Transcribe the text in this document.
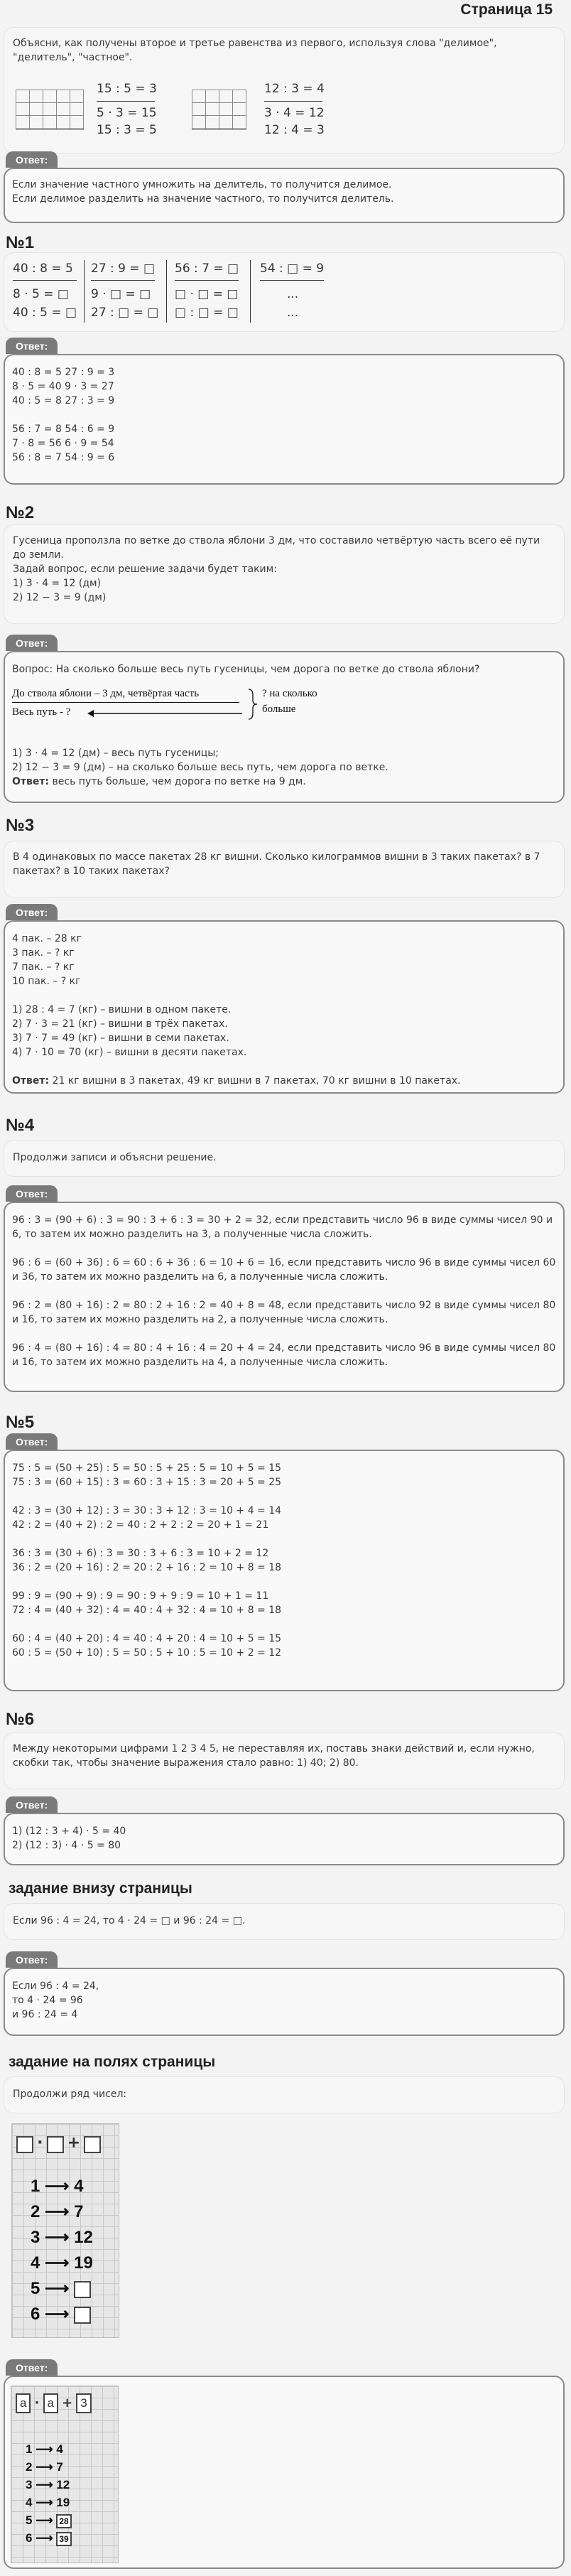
Страница 15
Объясни, как получены второе и третье равенства из первого, используя слова "делимое", "делитель", "частное".
15 : 5 = 3
5 · 3 = 15
15 : 3 = 5
12 : 3 = 4
3 · 4 = 12
12 : 4 = 3
Ответ:
Если значение частного умножить на делитель, то получится делимое.
Если делимое разделить на значение частного, то получится делитель.
№1
40 : 8 = 5
8 · 5 = □
40 : 5 = □
27 : 9 = □
9 · □ = □
27 : □ = □
56 : 7 = □
□ · □ = □
□ : □ = □
54 : □ = 9
...
...
Ответ:
40 : 8 = 5 27 : 9 = 3
8 · 5 = 40 9 · 3 = 27
40 : 5 = 8 27 : 3 = 9

56 : 7 = 8 54 : 6 = 9
7 · 8 = 56 6 · 9 = 54
56 : 8 = 7 54 : 9 = 6
№2
Гусеница проползла по ветке до ствола яблони 3 дм, что составило четвёртую часть всего её пути до земли.
Задай вопрос, если решение задачи будет таким:
1) 3 · 4 = 12 (дм)
2) 12 − 3 = 9 (дм)
Ответ:
Вопрос: На сколько больше весь путь гусеницы, чем дорога по ветке до ствола яблони?
До ствола яблони – 3 дм, четвёртая часть
Весь путь - ?
? на сколько
больше
1) 3 · 4 = 12 (дм) – весь путь гусеницы;
2) 12 − 3 = 9 (дм) – на сколько больше весь путь, чем дорога по ветке.
Ответ: весь путь больше, чем дорога по ветке на 9 дм.
№3
В 4 одинаковых по массе пакетах 28 кг вишни. Сколько килограммов вишни в 3 таких пакетах? в 7 пакетах? в 10 таких пакетах?
Ответ:
4 пак. – 28 кг
3 пак. – ? кг
7 пак. – ? кг
10 пак. – ? кг

1) 28 : 4 = 7 (кг) – вишни в одном пакете.
2) 7 · 3 = 21 (кг) – вишни в трёх пакетах.
3) 7 · 7 = 49 (кг) – вишни в семи пакетах.
4) 7 · 10 = 70 (кг) – вишни в десяти пакетах.
Ответ: 21 кг вишни в 3 пакетах, 49 кг вишни в 7 пакетах, 70 кг вишни в 10 пакетах.
№4
Продолжи записи и объясни решение.
Ответ:
96 : 3 = (90 + 6) : 3 = 90 : 3 + 6 : 3 = 30 + 2 = 32, если представить число 96 в виде суммы чисел 90 и 6, то затем их можно разделить на 3, а полученные числа сложить.

96 : 6 = (60 + 36) : 6 = 60 : 6 + 36 : 6 = 10 + 6 = 16, если представить число 96 в виде суммы чисел 60 и 36, то затем их можно разделить на 6, а полученные числа сложить.

96 : 2 = (80 + 16) : 2 = 80 : 2 + 16 : 2 = 40 + 8 = 48, если представить число 92 в виде суммы чисел 80 и 16, то затем их можно разделить на 2, а полученные числа сложить.

96 : 4 = (80 + 16) : 4 = 80 : 4 + 16 : 4 = 20 + 4 = 24, если представить число 96 в виде суммы чисел 80 и 16, то затем их можно разделить на 4, а полученные числа сложить.
№5
Ответ:
75 : 5 = (50 + 25) : 5 = 50 : 5 + 25 : 5 = 10 + 5 = 15
75 : 3 = (60 + 15) : 3 = 60 : 3 + 15 : 3 = 20 + 5 = 25

42 : 3 = (30 + 12) : 3 = 30 : 3 + 12 : 3 = 10 + 4 = 14
42 : 2 = (40 + 2) : 2 = 40 : 2 + 2 : 2 = 20 + 1 = 21

36 : 3 = (30 + 6) : 3 = 30 : 3 + 6 : 3 = 10 + 2 = 12
36 : 2 = (20 + 16) : 2 = 20 : 2 + 16 : 2 = 10 + 8 = 18

99 : 9 = (90 + 9) : 9 = 90 : 9 + 9 : 9 = 10 + 1 = 11
72 : 4 = (40 + 32) : 4 = 40 : 4 + 32 : 4 = 10 + 8 = 18

60 : 4 = (40 + 20) : 4 = 40 : 4 + 20 : 4 = 10 + 5 = 15
60 : 5 = (50 + 10) : 5 = 50 : 5 + 10 : 5 = 10 + 2 = 12
№6
Между некоторыми цифрами 1 2 3 4 5, не переставляя их, поставь знаки действий и, если нужно, скобки так, чтобы значение выражения стало равно: 1) 40; 2) 80.
Ответ:
1) (12 : 3 + 4) · 5 = 40
2) (12 : 3) · 4 · 5 = 80
задание внизу страницы
Если 96 : 4 = 24, то 4 · 24 = □ и 96 : 24 = □.
Ответ:
Если 96 : 4 = 24,
то 4 · 24 = 96
и 96 : 24 = 4
задание на полях страницы
Продолжи ряд чисел:
· +
1 ⟶ 4
2 ⟶ 7
3 ⟶ 12
4 ⟶ 19
5 ⟶
6 ⟶
Ответ:
a · a + 3
1 ⟶ 4
2 ⟶ 7
3 ⟶ 12
4 ⟶ 19
5 ⟶ 28
6 ⟶ 39
